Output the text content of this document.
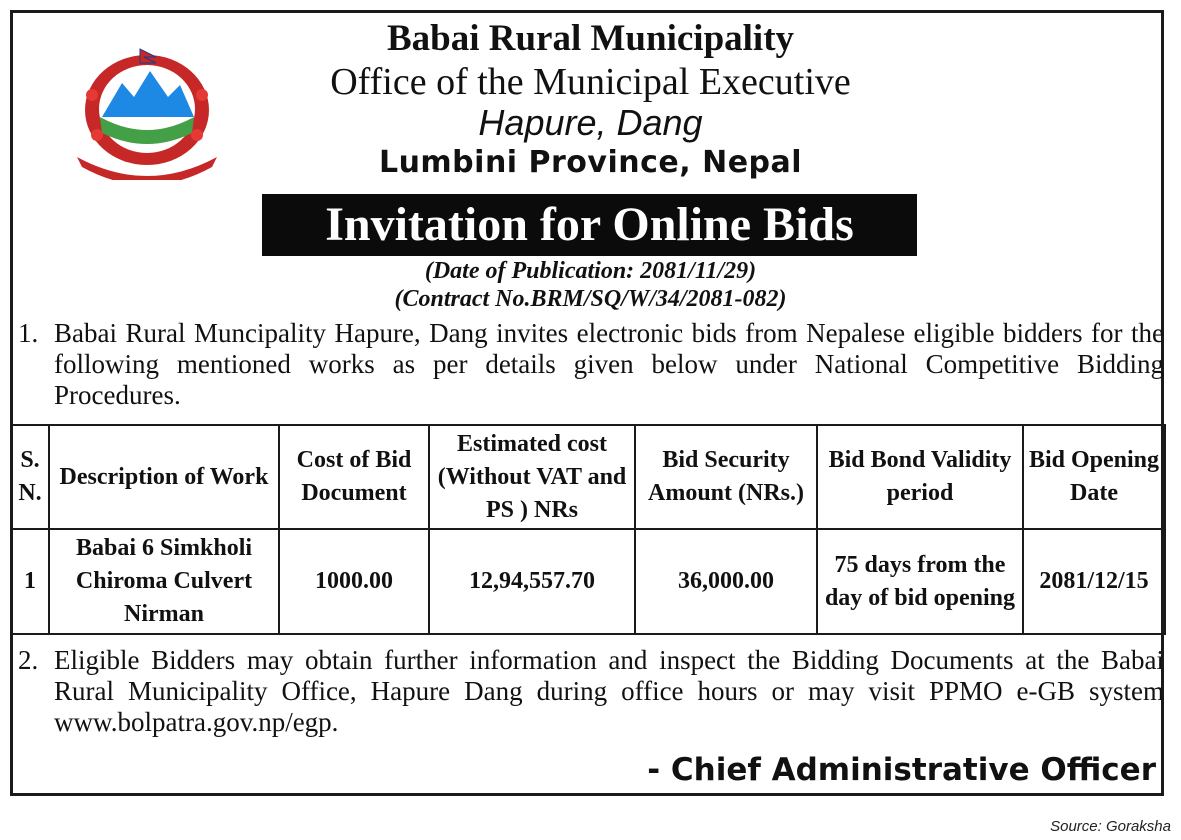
Babai Rural Municipality
Office of the Municipal Executive
Hapure, Dang
Lumbini Province, Nepal
Invitation for Online Bids
(Date of Publication: 2081/11/29)
(Contract No.BRM/SQ/W/34/2081-082)
1. Babai Rural Muncipality Hapure, Dang invites electronic bids from Nepalese eligible bidders for the following mentioned works as per details given below under National Competitive Bidding Procedures.
S. N.	Description of Work	Cost of Bid Document	Estimated cost (Without VAT and PS ) NRs	Bid Security Amount (NRs.)	Bid Bond Validity period	Bid Opening Date
1	Babai 6 Simkholi Chiroma Culvert Nirman	1000.00	12,94,557.70	36,000.00	75 days from the day of bid opening	2081/12/15
2. Eligible Bidders may obtain further information and inspect the Bidding Documents at the Babai Rural Municipality Office, Hapure Dang during office hours or may visit PPMO e-GB system www.bolpatra.gov.np/egp.
- Chief Administrative Officer
Source: Goraksha
